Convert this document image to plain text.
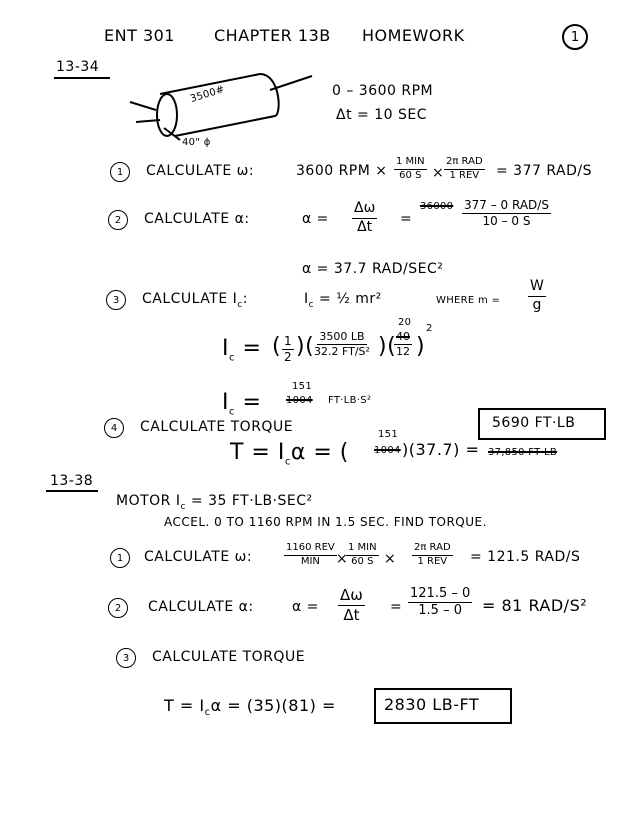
ENT 301 CHAPTER 13B HOMEWORK	1
13-34
3500#
40" ϕ
0 – 3600 RPM
Δt = 10 SEC
1 CALCULATE ω:	3600 RPM ×
1 MIN
60 S ×
2π RAD
1 REV = 377 RAD/S
2 CALCULATE α:	$\alpha = \frac{\Delta\omega}{\Delta t}$ =
36000 377 – 0 RAD/S
10 – 0 S
α = 37.7 RAD/SEC²
3 CALCULATE $I_c$:	$I_c$ = ½ mr²	WHERE $m = \frac{W}{g}$
$I_c$ = ( $\frac{1}{2}$ )(
$\frac{3500 LB}{\text{32.2 FT/S²}}$ )(
20
$\frac{40}{12}$ )
2
$I_c$ =
151
1004 FT·LB·S²
4 CALCULATE TORQUE	5690 FT·LB
$T = I_c\alpha$ = (
151
1004 )(37.7) = 37,850 FT·LB
13-38
MOTOR $I_c = 35$ FT·LB·SEC²
ACCEL. 0 TO 1160 RPM IN 1.5 SEC. FIND TORQUE.
1 CALCULATE ω:
1160 REV
MIN ×
1 MIN
60 S ×
2π RAD
1 REV = 121.5 RAD/S
2 CALCULATE α:	$\alpha = \frac{\Delta\omega}{\Delta t} = \frac{121.5 - 0}{1.5 - 0} = 81$ RAD/S²
3 CALCULATE TORQUE
$T = I_c\alpha = (35)(81)$ =	2830 LB-FT
